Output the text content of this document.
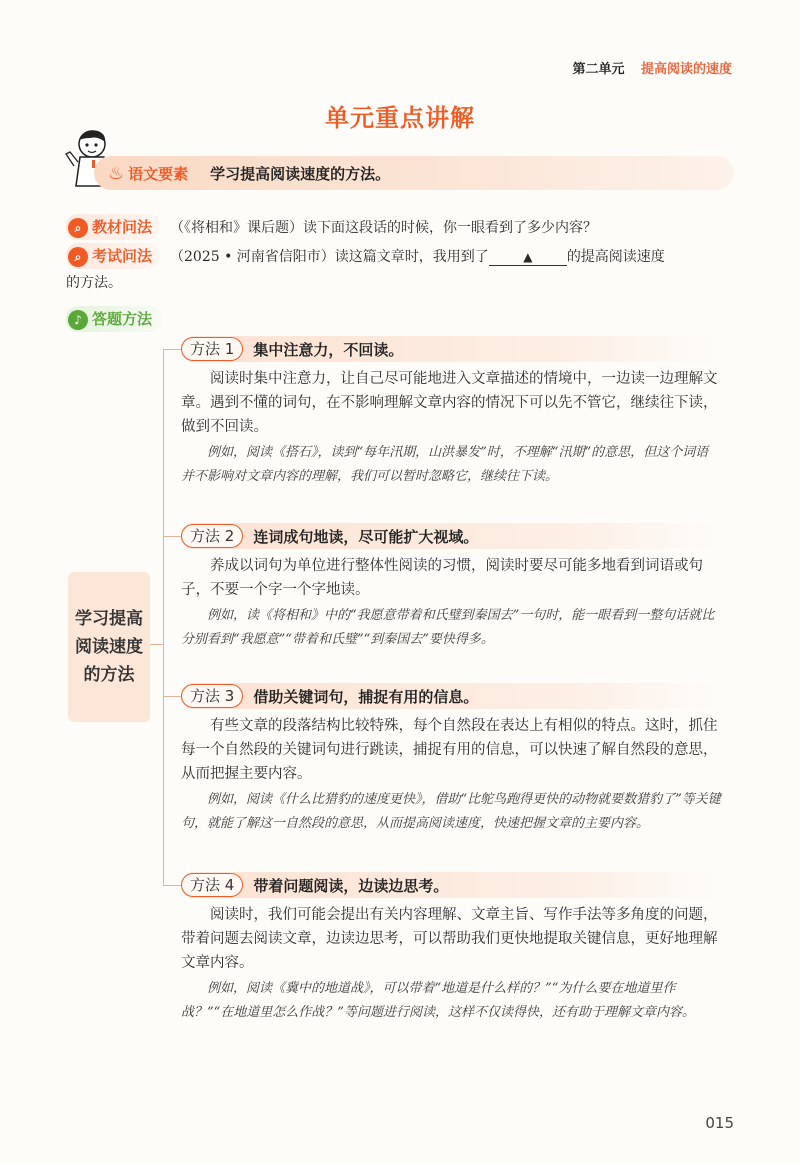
第二单元 提高阅读的速度
单元重点讲解
♨ 语文要素 学习提高阅读速度的方法。
⌕ 教材问法 （《将相和》课后题）读下面这段话的时候，你一眼看到了多少内容？
⌕ 考试问法 （2025 • 河南省信阳市）读这篇文章时，我用到了	▲ 的提高阅读速度
的方法。
♪ 答题方法
学习提高阅读速度的方法
方法 1	集中注意力，不回读。
阅读时集中注意力，让自己尽可能地进入文章描述的情境中，一边读一边理解文章。遇到不懂的词句，在不影响理解文章内容的情况下可以先不管它，继续往下读，做到不回读。
例如，阅读《搭石》，读到“每年汛期，山洪暴发”时，不理解“汛期”的意思，但这个词语并不影响对文章内容的理解，我们可以暂时忽略它，继续往下读。
方法 2	连词成句地读，尽可能扩大视域。
养成以词句为单位进行整体性阅读的习惯，阅读时要尽可能多地看到词语或句子，不要一个字一个字地读。
例如，读《将相和》中的“我愿意带着和氏璧到秦国去”一句时，能一眼看到一整句话就比分别看到“我愿意”“带着和氏璧”“到秦国去”要快得多。
方法 3	借助关键词句，捕捉有用的信息。
有些文章的段落结构比较特殊，每个自然段在表达上有相似的特点。这时，抓住每一个自然段的关键词句进行跳读，捕捉有用的信息，可以快速了解自然段的意思，从而把握主要内容。
例如，阅读《什么比猎豹的速度更快》，借助“比鸵鸟跑得更快的动物就要数猎豹了”等关键句，就能了解这一自然段的意思，从而提高阅读速度，快速把握文章的主要内容。
方法 4	带着问题阅读，边读边思考。
阅读时，我们可能会提出有关内容理解、文章主旨、写作手法等多角度的问题，带着问题去阅读文章，边读边思考，可以帮助我们更快地提取关键信息，更好地理解文章内容。
例如，阅读《冀中的地道战》，可以带着“地道是什么样的？”“为什么要在地道里作战？”“在地道里怎么作战？”等问题进行阅读，这样不仅读得快，还有助于理解文章内容。
015
